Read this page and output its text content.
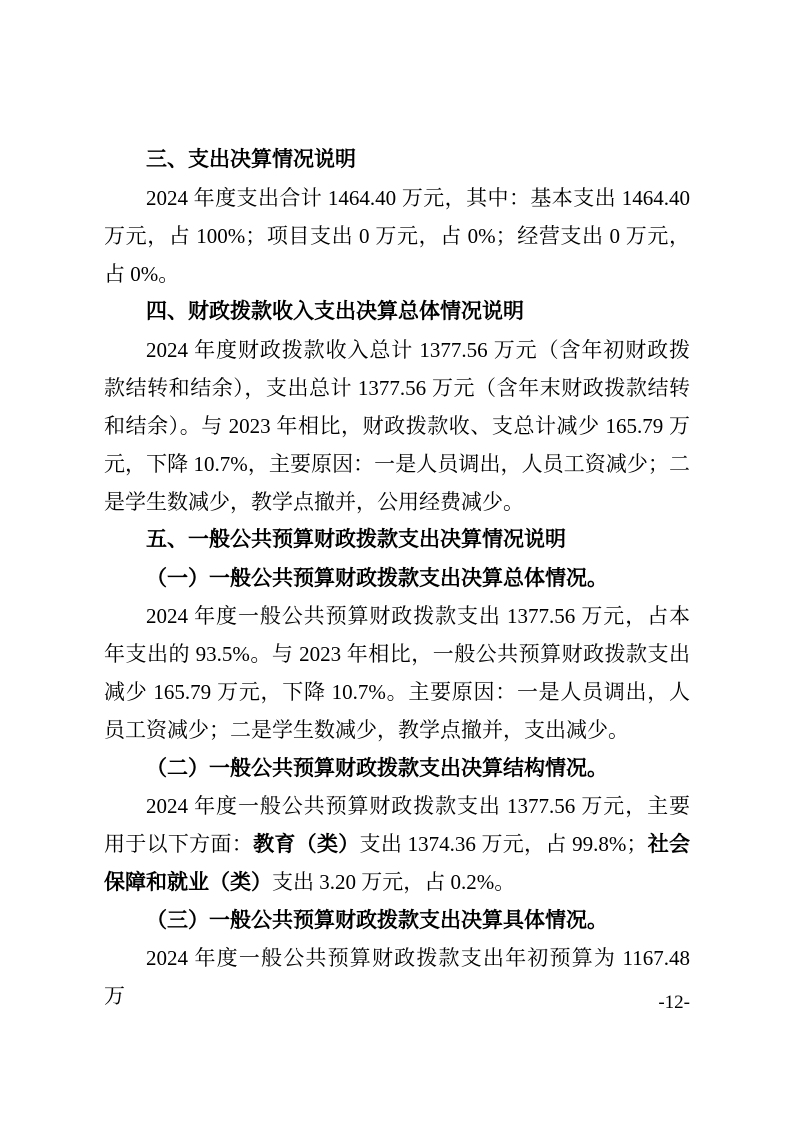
三、支出决算情况说明

2024 年度支出合计 1464.40 万元，其中：基本支出 1464.40 万元，占 100%；项目支出 0 万元，占 0%；经营支出 0 万元，占 0%。

四、财政拨款收入支出决算总体情况说明

2024 年度财政拨款收入总计 1377.56 万元（含年初财政拨款结转和结余），支出总计 1377.56 万元（含年末财政拨款结转和结余）。与 2023 年相比，财政拨款收、支总计减少 165.79 万元，下降 10.7%，主要原因：一是人员调出，人员工资减少；二是学生数减少，教学点撤并，公用经费减少。

五、一般公共预算财政拨款支出决算情况说明

（一）一般公共预算财政拨款支出决算总体情况。

2024 年度一般公共预算财政拨款支出 1377.56 万元，占本年支出的 93.5%。与 2023 年相比，一般公共预算财政拨款支出减少 165.79 万元，下降 10.7%。主要原因：一是人员调出，人员工资减少；二是学生数减少，教学点撤并，支出减少。

（二）一般公共预算财政拨款支出决算结构情况。

2024 年度一般公共预算财政拨款支出 1377.56 万元，主要用于以下方面：教育（类）支出 1374.36 万元，占 99.8%；社会保障和就业（类）支出 3.20 万元，占 0.2%。

（三）一般公共预算财政拨款支出决算具体情况。

2024 年度一般公共预算财政拨款支出年初预算为 1167.48 万	-12-
